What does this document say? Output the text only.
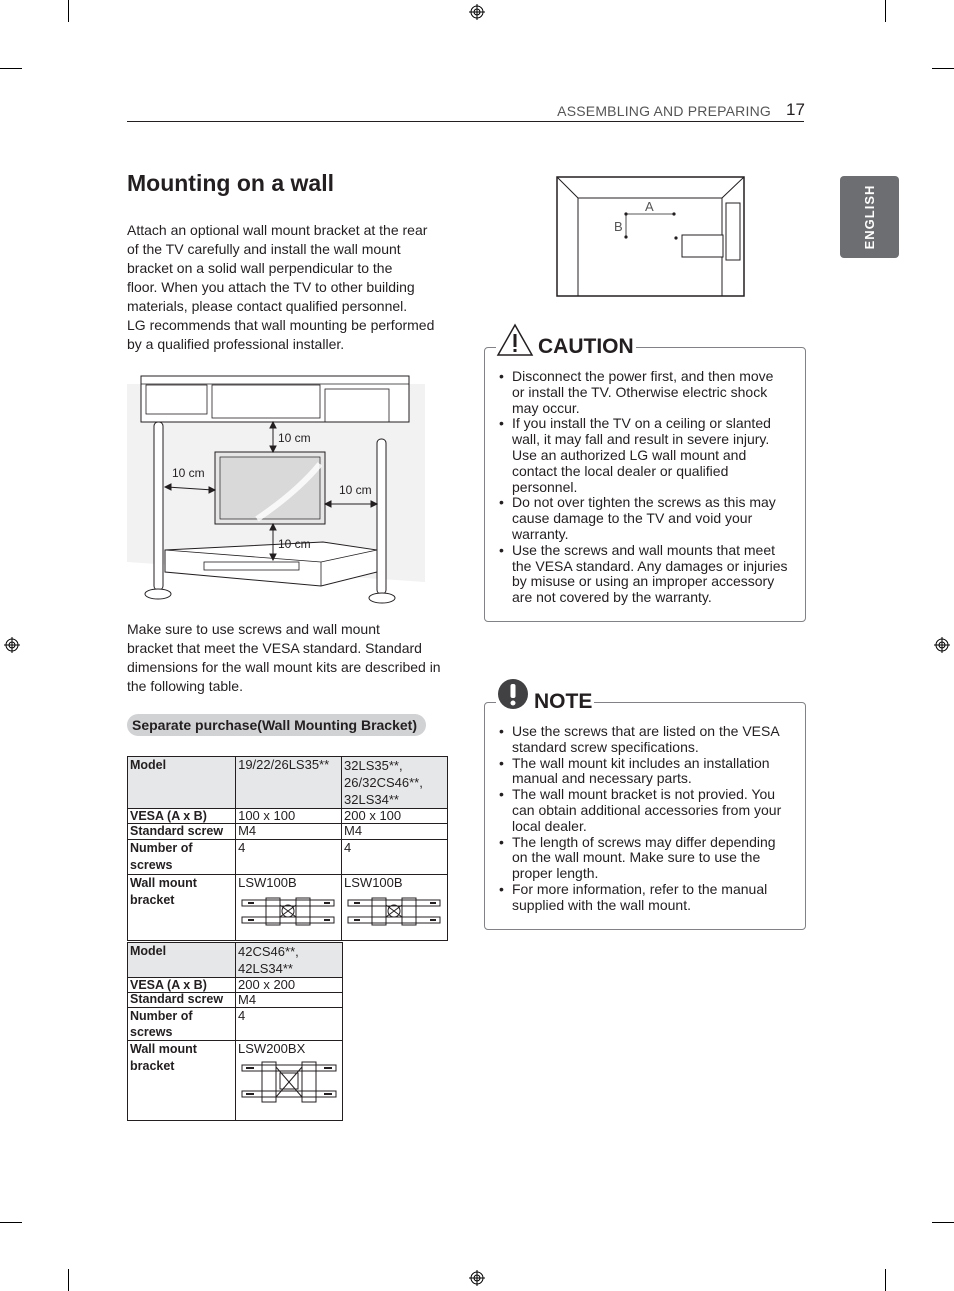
ASSEMBLING AND PREPARING 17
ENGLISH
Mounting on a wall
Attach an optional wall mount bracket at the rear
of the TV carefully and install the wall mount
bracket on a solid wall perpendicular to the
floor. When you attach the TV to other building
materials, please contact qualified personnel.
LG recommends that wall mounting be performed
by a qualified professional installer.
10 cm
10 cm
10 cm
10 cm
Make sure to use screws and wall mount
bracket that meet the VESA standard. Standard
dimensions for the wall mount kits are described in
the following table.
Separate purchase(Wall Mounting Bracket)
Model	19/22/26LS35**	32LS35**,
26/32CS46**,
32LS34**

VESA (A x B)	100 x 100	200 x 100
Standard screw	M4	M4

Number of
screws	4	4

Wall mount
bracket	LSW100B	LSW100B
Model	42CS46**,
42LS34**

VESA (A x B)	200 x 200
Standard screw	M4

Number of
screws	4

Wall mount
bracket	LSW200BX
A
B
• Disconnect the power first, and then move
or install the TV. Otherwise electric shock
may occur.
• If you install the TV on a ceiling or slanted
wall, it may fall and result in severe injury.
Use an authorized LG wall mount and
contact the local dealer or qualified
personnel.
• Do not over tighten the screws as this may
cause damage to the TV and void your
warranty.
• Use the screws and wall mounts that meet
the VESA standard. Any damages or injuries
by misuse or using an improper accessory
are not covered by the warranty.
CAUTION
• Use the screws that are listed on the VESA
standard screw specifications.
• The wall mount kit includes an installation
manual and necessary parts.
• The wall mount bracket is not provied. You
can obtain additional accessories from your
local dealer.
• The length of screws may differ depending
on the wall mount. Make sure to use the
proper length.
• For more information, refer to the manual
supplied with the wall mount.
NOTE
